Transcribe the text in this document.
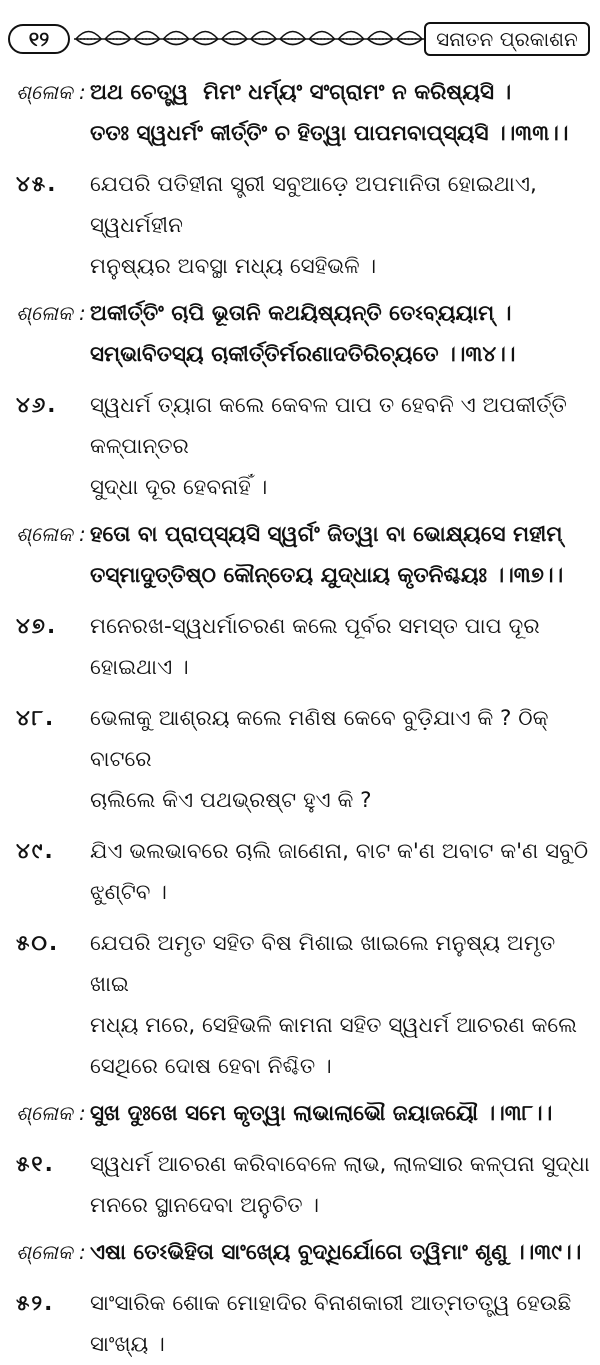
୧୨	ସନାତନ ପ୍ରକାଶନ
ଶ୍ଳୋକ : ଅଥ ଚେତ୍ତ୍ୱ  ମିମଂ ଧର୍ମ୍ୟଂ ସଂଗ୍ରାମଂ ନ କରିଷ୍ୟସି ।
ତତଃ ସ୍ୱଧର୍ମଂ କୀର୍ତ୍ତିଂ ଚ ହିତ୍ୱା ପାପମବାପ୍ସ୍ୟସି ।।୩୩।।
୪୫.	ଯେପରି ପତିହୀନା ସ୍ତ୍ରୀ ସବୁଆଡ଼େ ଅପମାନିତା ହୋଇଥାଏ, ସ୍ୱଧର୍ମହୀନ
ମନୁଷ୍ୟର ଅବସ୍ଥା ମଧ୍ୟ ସେହିଭଳି ।
ଶ୍ଳୋକ : ଅକୀର୍ତ୍ତିଂ ଚାପି ଭୂତାନି କଥୟିଷ୍ୟନ୍ତି ତେଽବ୍ୟୟାମ୍ ।
ସମ୍ଭାବିତସ୍ୟ ଚାକୀର୍ତ୍ତିର୍ମରଣାଦତିରିଚ୍ୟତେ ।।୩୪।।
୪୬.	ସ୍ୱଧର୍ମ ତ୍ୟାଗ କଲେ କେବଳ ପାପ ତ ହେବନି ଏ ଅପକୀର୍ତ୍ତି କଳ୍ପାନ୍ତର
ସୁଦ୍ଧା ଦୂର ହେବନାହିଁ ।
ଶ୍ଳୋକ : ହତୋ ବା ପ୍ରାପ୍ସ୍ୟସି ସ୍ୱର୍ଗଂ ଜିତ୍ୱା ବା ଭୋକ୍ଷ୍ୟସେ ମହୀମ୍
ତସ୍ମାଦୁତ୍ତିଷ୍ଠ କୌନ୍ତେୟ ଯୁଦ୍ଧାୟ କୃତନିଶ୍ଚୟଃ ।।୩୭।।
୪୭.	ମନେରଖ-ସ୍ୱଧର୍ମାଚରଣ କଲେ ପୂର୍ବର ସମସ୍ତ ପାପ ଦୂର ହୋଇଥାଏ ।
୪୮.	ଭେଳାକୁ ଆଶ୍ରୟ କଲେ ମଣିଷ କେବେ ବୁଡ଼ିଯାଏ କି ? ଠିକ୍ ବାଟରେ
ଚାଲିଲେ କିଏ ପଥଭ୍ରଷ୍ଟ ହୁଏ କି ?
୪୯.	ଯିଏ ଭଲଭାବରେ ଚାଲି ଜାଣେନା, ବାଟ କ'ଣ ଅବାଟ କ'ଣ ସବୁଠି
ଝୁଣ୍ଟିବ ।
୫୦.	ଯେପରି ଅମୃତ ସହିତ ବିଷ ମିଶାଇ ଖାଇଲେ ମନୁଷ୍ୟ ଅମୃତ ଖାଇ
ମଧ୍ୟ ମରେ, ସେହିଭଳି କାମନା ସହିତ ସ୍ୱଧର୍ମ ଆଚରଣ କଲେ
ସେଥିରେ ଦୋଷ ହେବା ନିଶ୍ଚିତ ।
ଶ୍ଳୋକ : ସୁଖ ଦୁଃଖେ ସମେ କୃତ୍ୱା ଲାଭାଲାଭୌ ଜୟାଜୟୌ ।।୩୮।।
୫୧.	ସ୍ୱଧର୍ମ ଆଚରଣ କରିବାବେଳେ ଲାଭ, ଲାଳସାର କଳ୍ପନା ସୁଦ୍ଧା
ମନରେ ସ୍ଥାନଦେବା ଅନୁଚିତ ।
ଶ୍ଳୋକ : ଏଷା ତେଽଭିହିତା ସାଂଖ୍ୟେ ବୁଦ୍ଧିର୍ଯୋଗେ ତ୍ୱିମାଂ ଶୃଣୁ ।।୩୯।।
୫୨.	ସାଂସାରିକ ଶୋକ ମୋହାଦିର ବିନାଶକାରୀ ଆତ୍ମତତ୍ତ୍ୱ ହେଉଛି ସାଂଖ୍ୟ ।
